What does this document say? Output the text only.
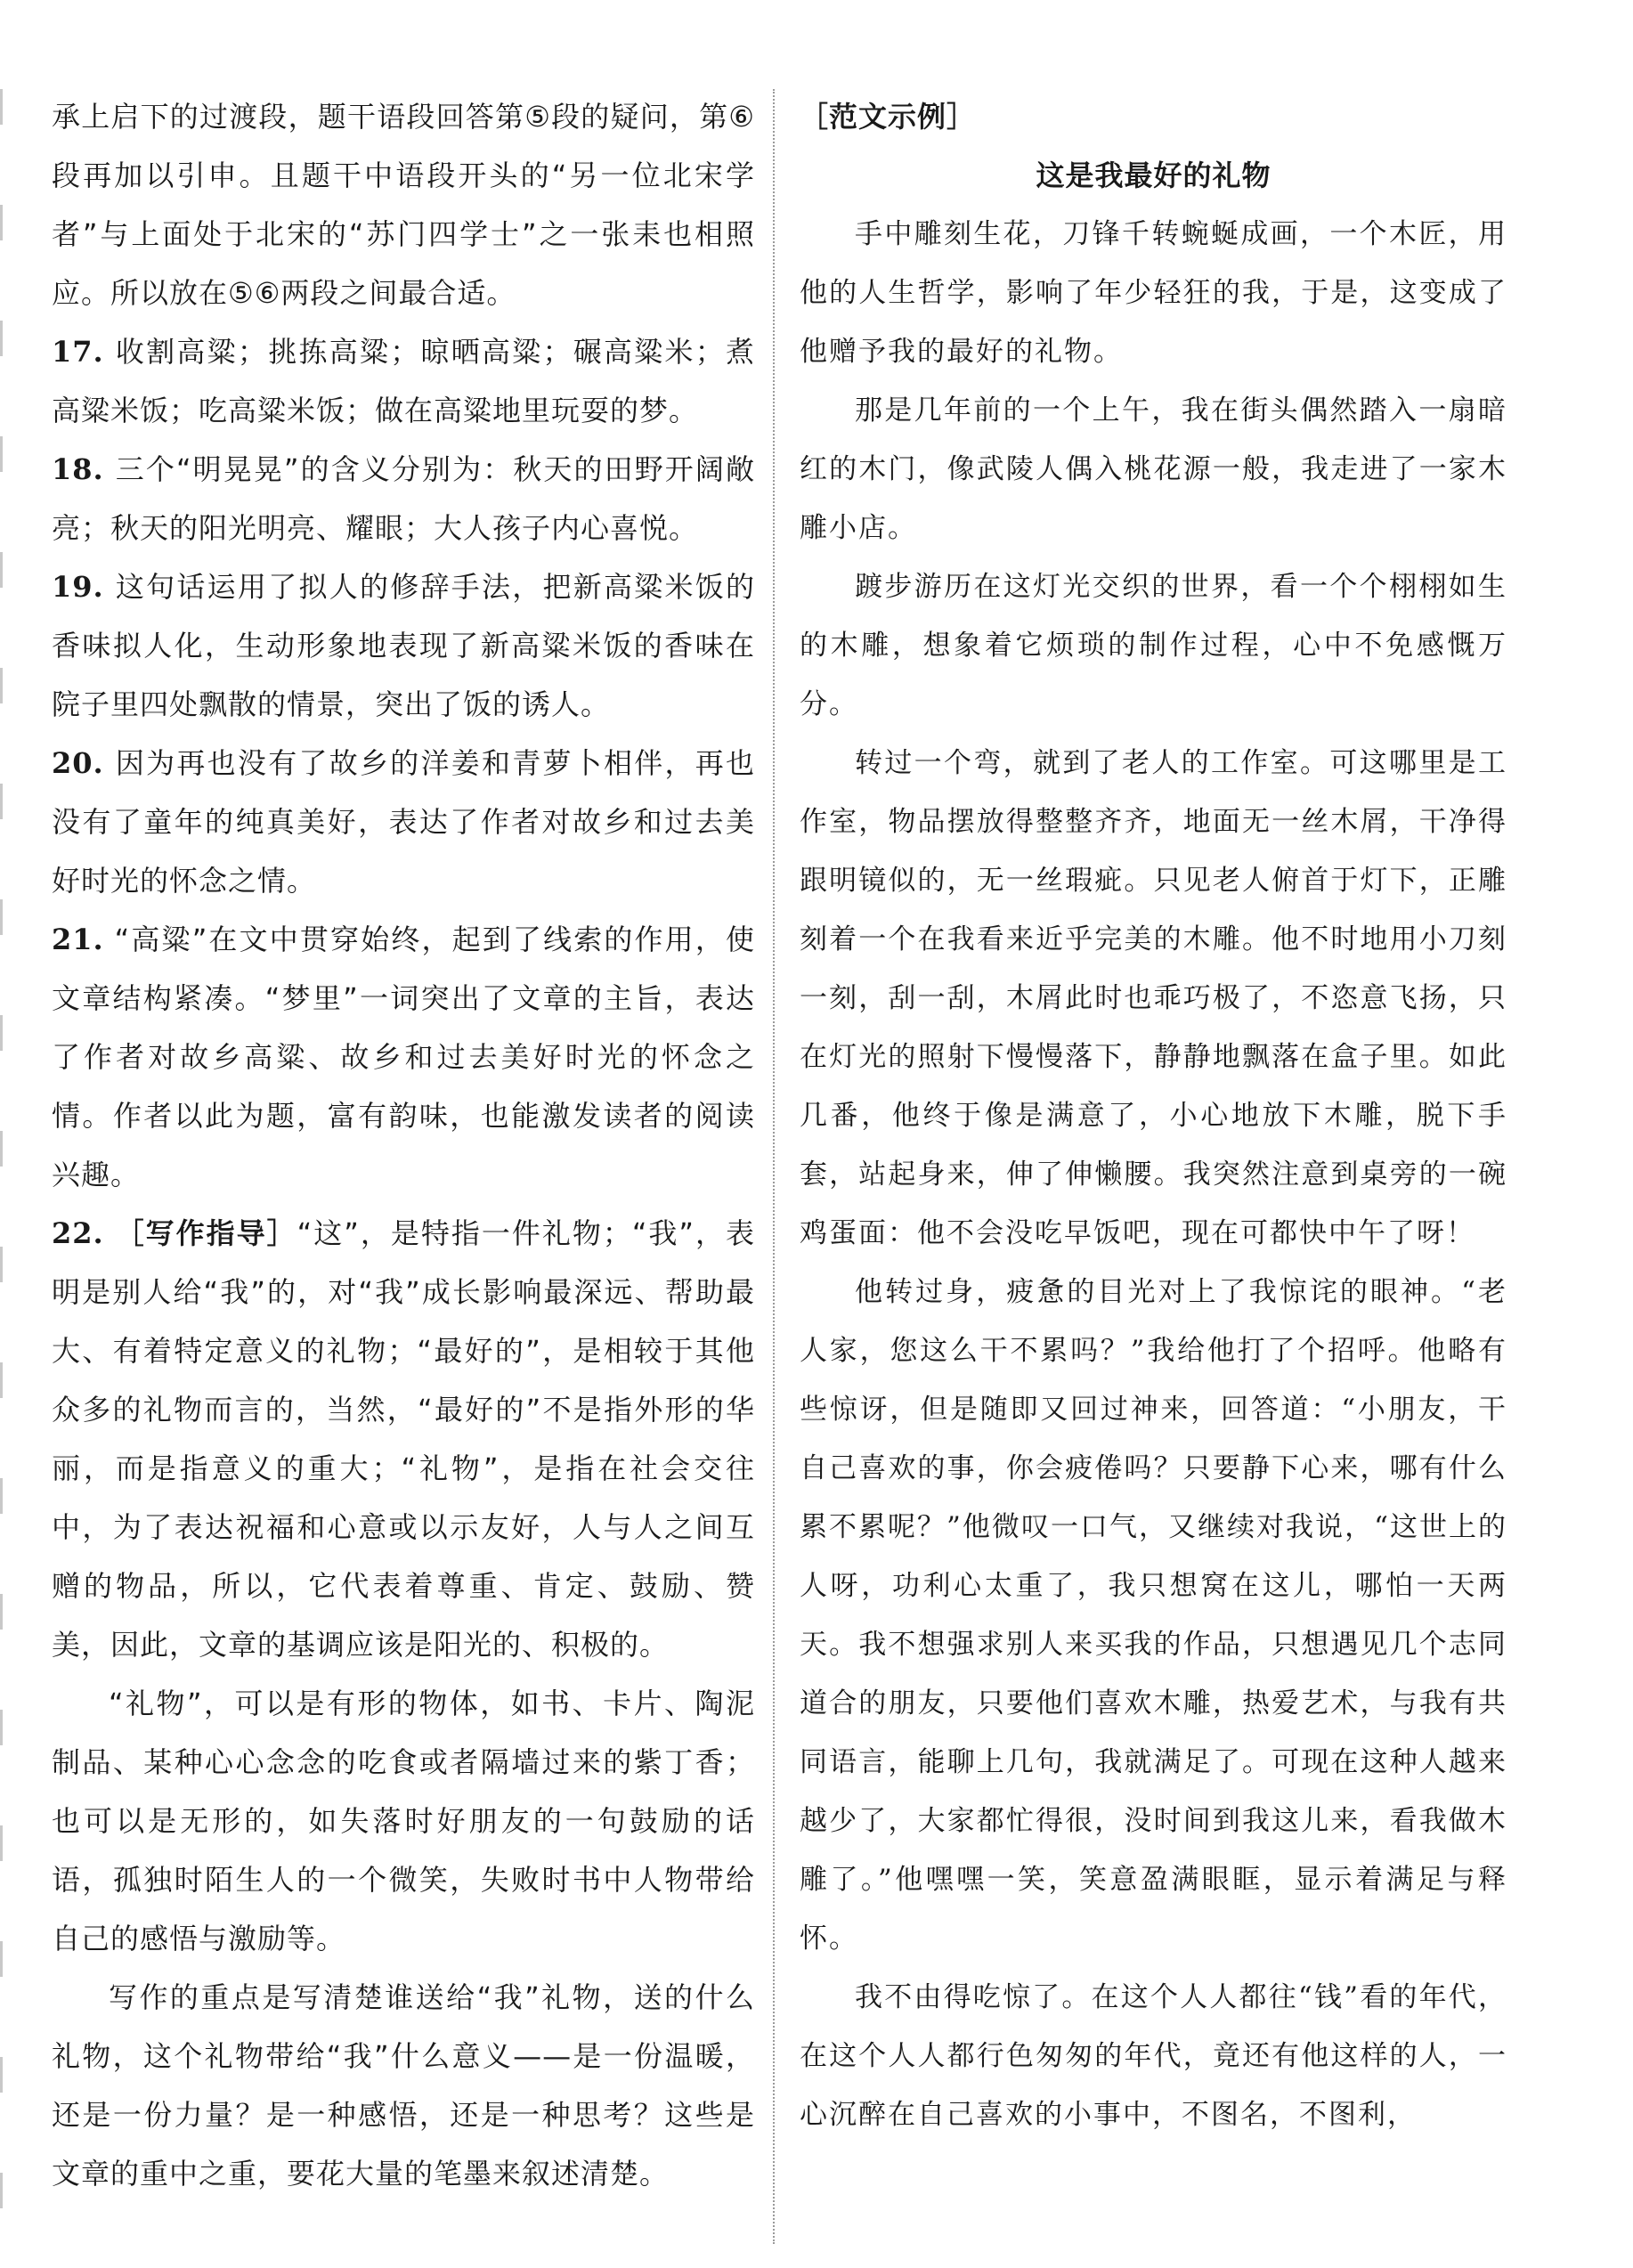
承上启下的过渡段，题干语段回答第⑤段的疑问，第⑥段再加以引申。且题干中语段开头的“另一位北宋学者”与上面处于北宋的“苏门四学士”之一张耒也相照应。所以放在⑤⑥两段之间最合适。

17. 收割高粱；挑拣高粱；晾晒高粱；碾高粱米；煮高粱米饭；吃高粱米饭；做在高粱地里玩耍的梦。

18. 三个“明晃晃”的含义分别为：秋天的田野开阔敞亮；秋天的阳光明亮、耀眼；大人孩子内心喜悦。

19. 这句话运用了拟人的修辞手法，把新高粱米饭的香味拟人化，生动形象地表现了新高粱米饭的香味在院子里四处飘散的情景，突出了饭的诱人。

20. 因为再也没有了故乡的洋姜和青萝卜相伴，再也没有了童年的纯真美好，表达了作者对故乡和过去美好时光的怀念之情。

21. “高粱”在文中贯穿始终，起到了线索的作用，使文章结构紧凑。“梦里”一词突出了文章的主旨，表达了作者对故乡高粱、故乡和过去美好时光的怀念之情。作者以此为题，富有韵味，也能激发读者的阅读兴趣。

22. ［写作指导］“这”，是特指一件礼物；“我”，表明是别人给“我”的，对“我”成长影响最深远、帮助最大、有着特定意义的礼物；“最好的”，是相较于其他众多的礼物而言的，当然，“最好的”不是指外形的华丽，而是指意义的重大；“礼物”，是指在社会交往中，为了表达祝福和心意或以示友好，人与人之间互赠的物品，所以，它代表着尊重、肯定、鼓励、赞美，因此，文章的基调应该是阳光的、积极的。

“礼物”，可以是有形的物体，如书、卡片、陶泥制品、某种心心念念的吃食或者隔墙过来的紫丁香；也可以是无形的，如失落时好朋友的一句鼓励的话语，孤独时陌生人的一个微笑，失败时书中人物带给自己的感悟与激励等。

写作的重点是写清楚谁送给“我”礼物，送的什么礼物，这个礼物带给“我”什么意义——是一份温暖，还是一份力量？是一种感悟，还是一种思考？这些是文章的重中之重，要花大量的笔墨来叙述清楚。

［范文示例］
这是我最好的礼物

手中雕刻生花，刀锋千转蜿蜒成画，一个木匠，用他的人生哲学，影响了年少轻狂的我，于是，这变成了他赠予我的最好的礼物。

那是几年前的一个上午，我在街头偶然踏入一扇暗红的木门，像武陵人偶入桃花源一般，我走进了一家木雕小店。

踱步游历在这灯光交织的世界，看一个个栩栩如生的木雕，想象着它烦琐的制作过程，心中不免感慨万分。

转过一个弯，就到了老人的工作室。可这哪里是工作室，物品摆放得整整齐齐，地面无一丝木屑，干净得跟明镜似的，无一丝瑕疵。只见老人俯首于灯下，正雕刻着一个在我看来近乎完美的木雕。他不时地用小刀刻一刻，刮一刮，木屑此时也乖巧极了，不恣意飞扬，只在灯光的照射下慢慢落下，静静地飘落在盒子里。如此几番，他终于像是满意了，小心地放下木雕，脱下手套，站起身来，伸了伸懒腰。我突然注意到桌旁的一碗鸡蛋面：他不会没吃早饭吧，现在可都快中午了呀！

他转过身，疲惫的目光对上了我惊诧的眼神。“老人家，您这么干不累吗？”我给他打了个招呼。他略有些惊讶，但是随即又回过神来，回答道：“小朋友，干自己喜欢的事，你会疲倦吗？只要静下心来，哪有什么累不累呢？”他微叹一口气，又继续对我说，“这世上的人呀，功利心太重了，我只想窝在这儿，哪怕一天两天。我不想强求别人来买我的作品，只想遇见几个志同道合的朋友，只要他们喜欢木雕，热爱艺术，与我有共同语言，能聊上几句，我就满足了。可现在这种人越来越少了，大家都忙得很，没时间到我这儿来，看我做木雕了。”他嘿嘿一笑，笑意盈满眼眶，显示着满足与释怀。

我不由得吃惊了。在这个人人都往“钱”看的年代，在这个人人都行色匆匆的年代，竟还有他这样的人，一心沉醉在自己喜欢的小事中，不图名，不图利，
